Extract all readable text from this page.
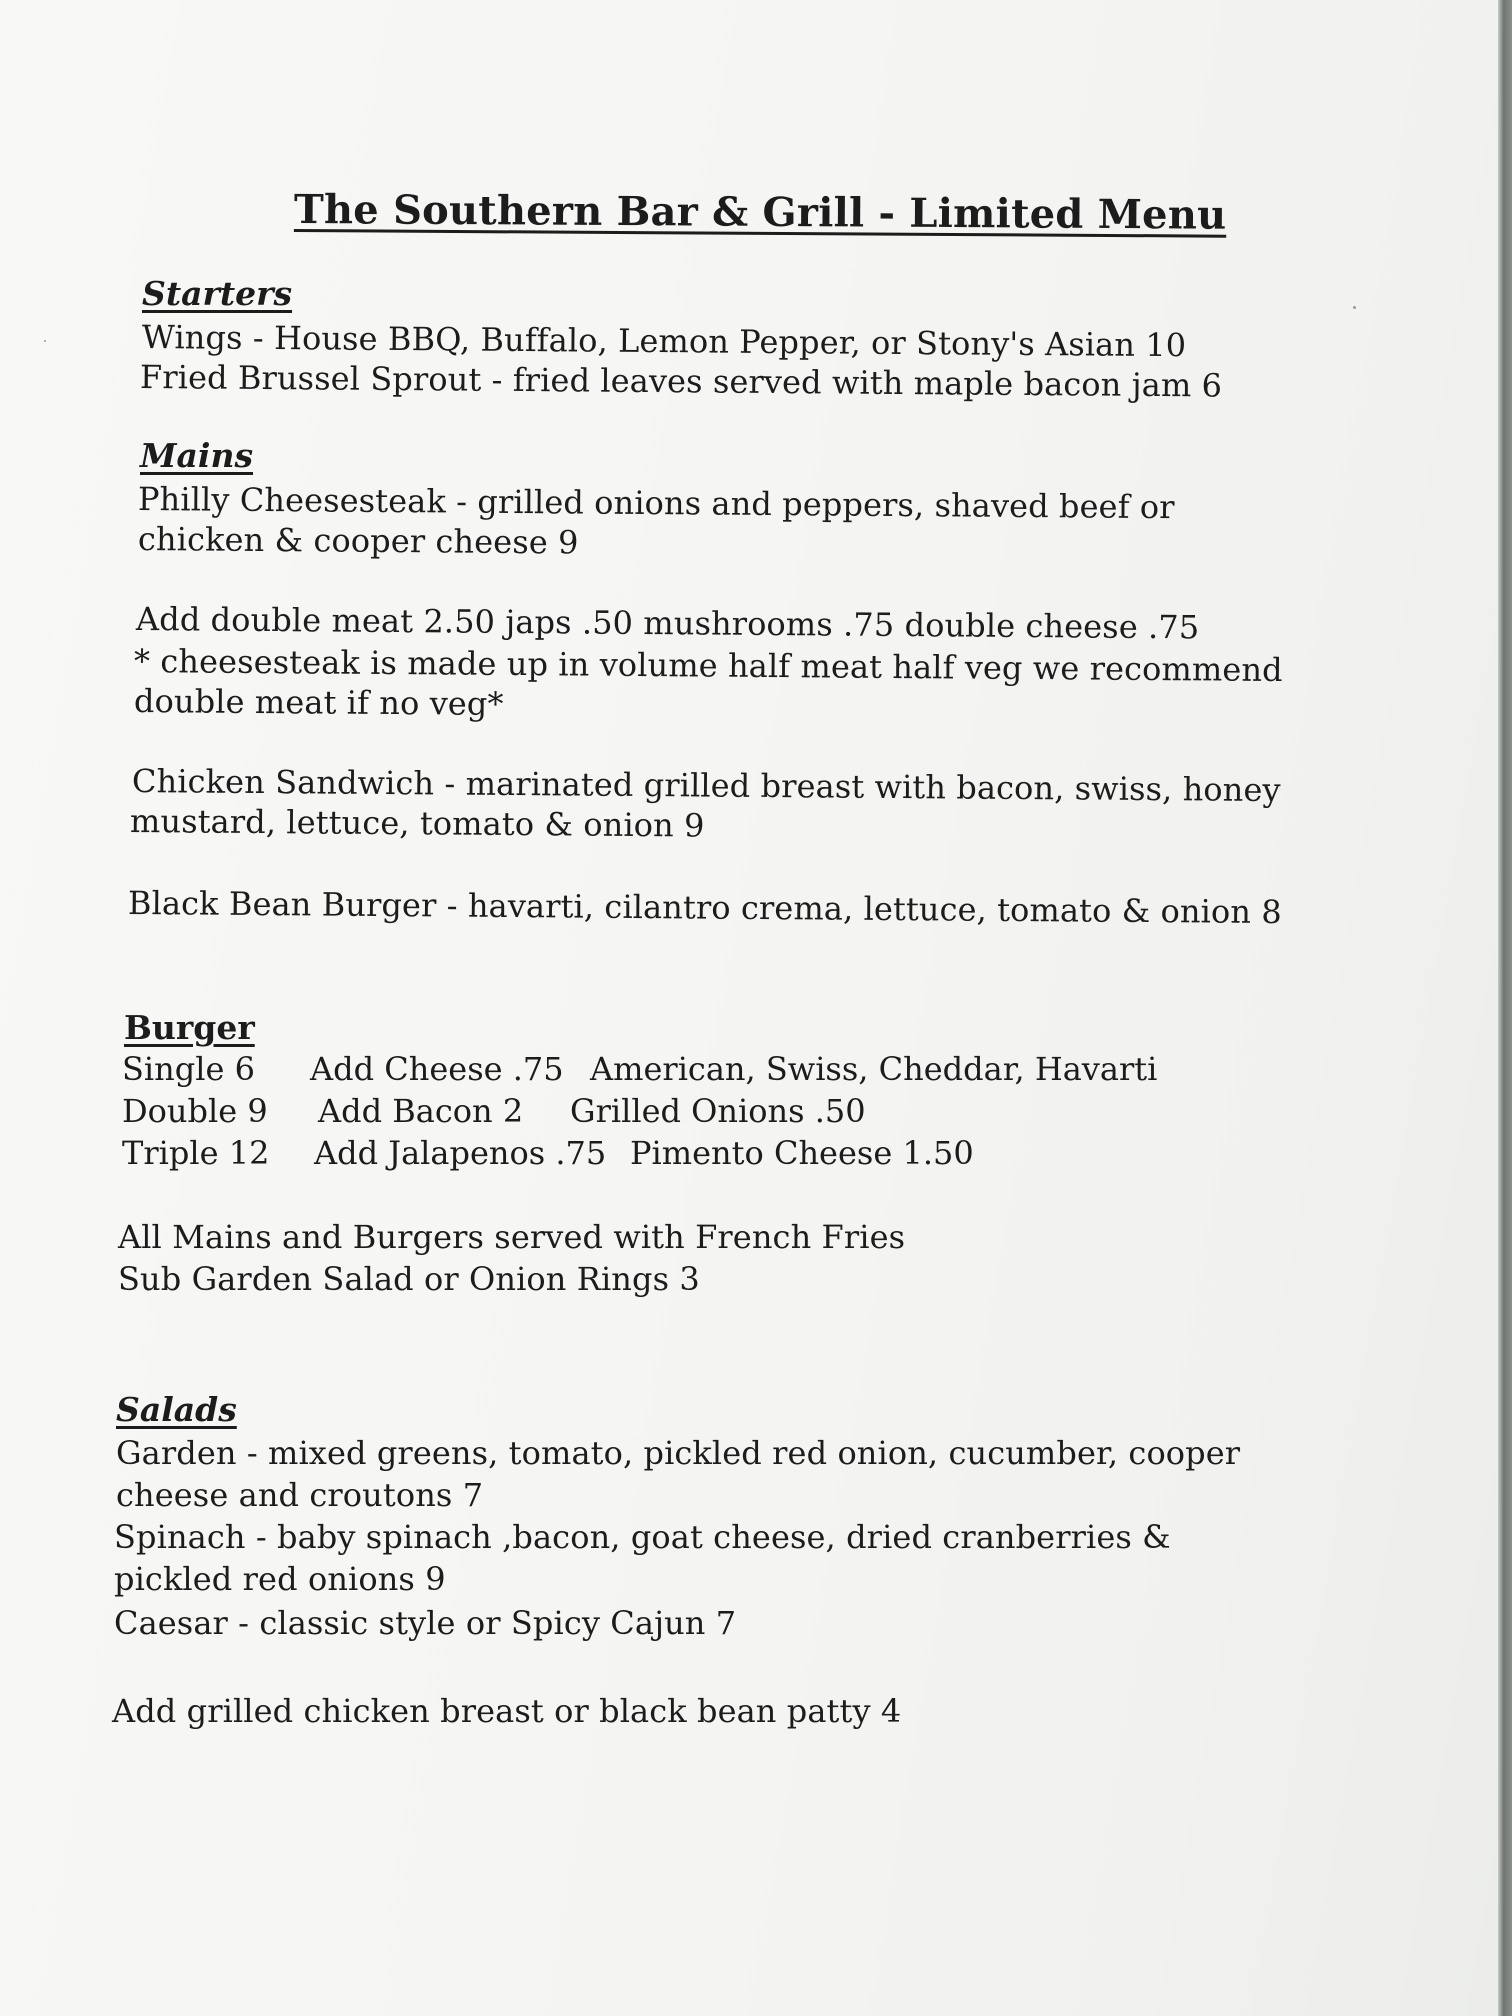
The Southern Bar & Grill - Limited Menu
Starters
Wings - House BBQ, Buffalo, Lemon Pepper, or Stony's Asian 10
Fried Brussel Sprout - fried leaves served with maple bacon jam 6
Mains
Philly Cheesesteak - grilled onions and peppers, shaved beef or
chicken & cooper cheese 9
Add double meat 2.50 japs .50 mushrooms .75 double cheese .75
* cheesesteak is made up in volume half meat half veg we recommend
double meat if no veg*
Chicken Sandwich - marinated grilled breast with bacon, swiss, honey
mustard, lettuce, tomato & onion 9
Black Bean Burger - havarti, cilantro crema, lettuce, tomato & onion 8
Burger
Single 6 Add Cheese .75 American, Swiss, Cheddar, Havarti
Double 9 Add Bacon 2 Grilled Onions .50
Triple 12 Add Jalapenos .75 Pimento Cheese 1.50
All Mains and Burgers served with French Fries
Sub Garden Salad or Onion Rings 3
Salads
Garden - mixed greens, tomato, pickled red onion, cucumber, cooper
cheese and croutons 7
Spinach - baby spinach ,bacon, goat cheese, dried cranberries &
pickled red onions 9
Caesar - classic style or Spicy Cajun 7
Add grilled chicken breast or black bean patty 4
